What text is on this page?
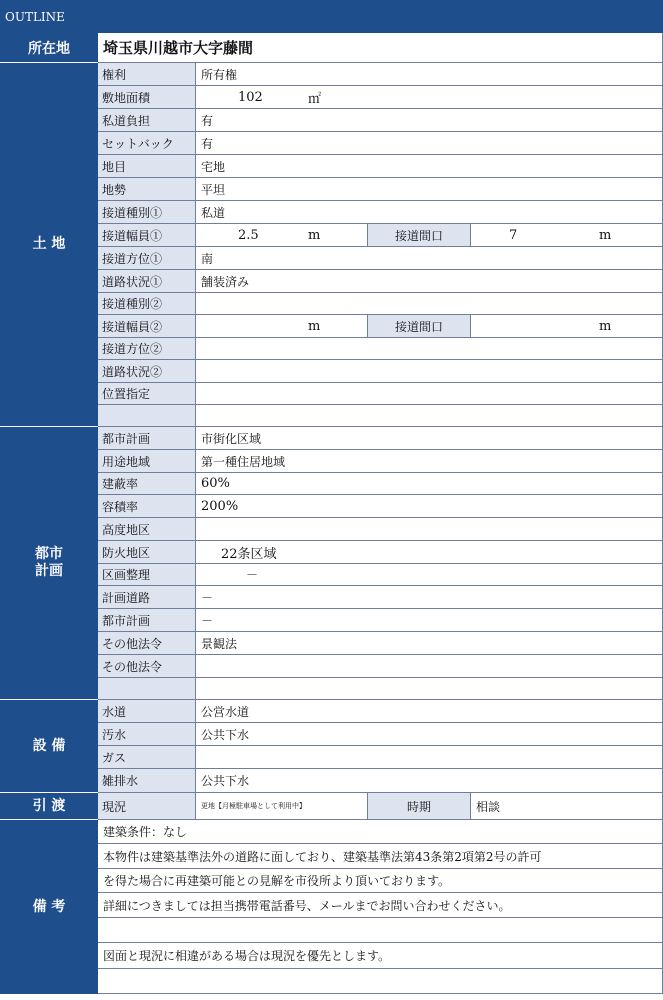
OUTLINE
所在地	埼玉県川越市大字藤間
土 地
都市計画
設 備
引 渡
備 考
権利	所有権
敷地面積	102	㎡
私道負担	有
セットバック	有
地目	宅地
地勢	平坦
接道種別①	私道
接道幅員①	2.5	m	接道間口	7	m
接道方位①	南
道路状況①	舗装済み
接道種別②
接道幅員②	m	接道間口	m
接道方位②
道路状況②
位置指定
都市計画	市街化区域
用途地域	第一種住居地域
建蔽率	60%
容積率	200%
高度地区
防火地区	22条区域
区画整理	－
計画道路	－
都市計画	－
その他法令	景観法
その他法令
水道	公営水道
汚水	公共下水
ガス
雑排水	公共下水
現況	更地【月極駐車場として利用中】	時期	相談
建築条件：なし
本物件は建築基準法外の道路に面しており、建築基準法第43条第2項第2号の許可
を得た場合に再建築可能との見解を市役所より頂いております。
詳細につきましては担当携帯電話番号、メールまでお問い合わせください。
図面と現況に相違がある場合は現況を優先とします。
